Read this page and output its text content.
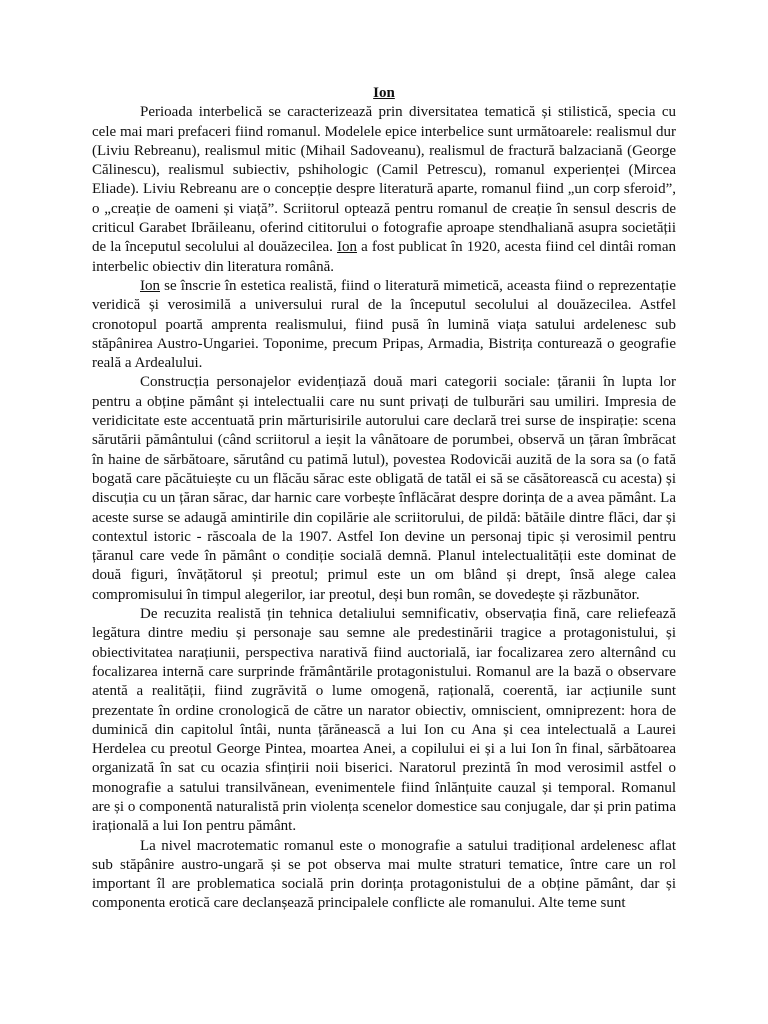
Ion

Perioada interbelică se caracterizează prin diversitatea tematică și stilistică, specia cu cele mai mari prefaceri fiind romanul. Modelele epice interbelice sunt următoarele: realismul dur (Liviu Rebreanu), realismul mitic (Mihail Sadoveanu), realismul de fractură balzaciană (George Călinescu), realismul subiectiv, pshihologic (Camil Petrescu), romanul experienței (Mircea Eliade). Liviu Rebreanu are o concepție despre literatură aparte, romanul fiind „un corp sferoid”, o „creație de oameni și viață”. Scriitorul optează pentru romanul de creație în sensul descris de criticul Garabet Ibrăileanu, oferind cititorului o fotografie aproape stendhaliană asupra societății de la începutul secolului al douăzecilea. Ion a fost publicat în 1920, acesta fiind cel dintâi roman interbelic obiectiv din literatura română.

Ion se înscrie în estetica realistă, fiind o literatură mimetică, aceasta fiind o reprezentație veridică și verosimilă a universului rural de la începutul secolului al douăzecilea. Astfel cronotopul poartă amprenta realismului, fiind pusă în lumină viața satului ardelenesc sub stăpânirea Austro-Ungariei. Toponime, precum Pripas, Armadia, Bistrița conturează o geografie reală a Ardealului.

Construcția personajelor evidențiază două mari categorii sociale: țăranii în lupta lor pentru a obține pământ și intelectualii care nu sunt privați de tulburări sau umiliri. Impresia de veridicitate este accentuată prin mărturisirile autorului care declară trei surse de inspirație: scena sărutării pământului (când scriitorul a ieșit la vânătoare de porumbei, observă un țăran îmbrăcat în haine de sărbătoare, sărutând cu patimă lutul), povestea Rodovicăi auzită de la sora sa (o fată bogată care păcătuiește cu un flăcău sărac este obligată de tatăl ei să se căsătorească cu acesta) și discuția cu un țăran sărac, dar harnic care vorbește înflăcărat despre dorința de a avea pământ. La aceste surse se adaugă amintirile din copilărie ale scriitorului, de pildă: bătăile dintre flăci, dar și contextul istoric - răscoala de la 1907. Astfel Ion devine un personaj tipic și verosimil pentru țăranul care vede în pământ o condiție socială demnă. Planul intelectualității este dominat de două figuri, învățătorul și preotul; primul este un om blând și drept, însă alege calea compromisului în timpul alegerilor, iar preotul, deși bun român, se dovedește și răzbunător.

De recuzita realistă țin tehnica detaliului semnificativ, observația fină, care reliefează legătura dintre mediu și personaje sau semne ale predestinării tragice a protagonistului, și obiectivitatea narațiunii, perspectiva narativă fiind auctorială, iar focalizarea zero alternând cu focalizarea internă care surprinde frământările protagonistului. Romanul are la bază o observare atentă a realității, fiind zugrăvită o lume omogenă, rațională, coerentă, iar acțiunile sunt prezentate în ordine cronologică de către un narator obiectiv, omniscient, omniprezent: hora de duminică din capitolul întâi, nunta țărănească a lui Ion cu Ana și cea intelectuală a Laurei Herdelea cu preotul George Pintea, moartea Anei, a copilului ei și a lui Ion în final, sărbătoarea organizată în sat cu ocazia sfințirii noii biserici. Naratorul prezintă în mod verosimil astfel o monografie a satului transilvănean, evenimentele fiind înlănțuite cauzal și temporal. Romanul are și o componentă naturalistă prin violența scenelor domestice sau conjugale, dar și prin patima irațională a lui Ion pentru pământ.

La nivel macrotematic romanul este o monografie a satului tradițional ardelenesc aflat sub stăpânire austro-ungară și se pot observa mai multe straturi tematice, între care un rol important îl are problematica socială prin dorința protagonistului de a obține pământ, dar și componenta erotică care declanșează principalele conflicte ale romanului. Alte teme sunt
